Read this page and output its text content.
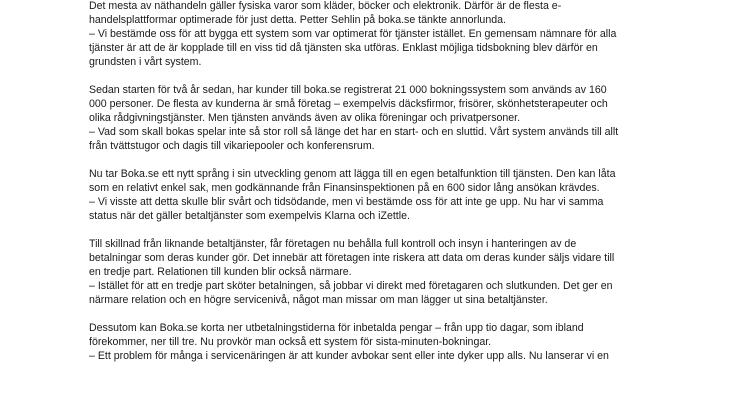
Det mesta av näthandeln gäller fysiska varor som kläder, böcker och elektronik. Därför är de flesta e-
handelsplattformar optimerade för just detta. Petter Sehlin på boka.se tänkte annorlunda.
– Vi bestämde oss för att bygga ett system som var optimerat för tjänster istället. En gemensam nämnare för alla
tjänster är att de är kopplade till en viss tid då tjänsten ska utföras. Enklast möjliga tidsbokning blev därför en
grundsten i vårt system.
Sedan starten för två år sedan, har kunder till boka.se registrerat 21 000 bokningssystem som används av 160
000 personer. De flesta av kunderna är små företag – exempelvis däcksfirmor, frisörer, skönhetsterapeuter och
olika rådgivningstjänster. Men tjänsten används även av olika föreningar och privatpersoner.
– Vad som skall bokas spelar inte så stor roll så länge det har en start- och en sluttid. Vårt system används till allt
från tvättstugor och dagis till vikariepooler och konferensrum.
Nu tar Boka.se ett nytt språng i sin utveckling genom att lägga till en egen betalfunktion till tjänsten. Den kan låta
som en relativt enkel sak, men godkännande från Finansinspektionen på en 600 sidor lång ansökan krävdes.
– Vi visste att detta skulle blir svårt och tidsödande, men vi bestämde oss för att inte ge upp. Nu har vi samma
status när det gäller betaltjänster som exempelvis Klarna och iZettle.
Till skillnad från liknande betaltjänster, får företagen nu behålla full kontroll och insyn i hanteringen av de
betalningar som deras kunder gör. Det innebär att företagen inte riskera att data om deras kunder säljs vidare till
en tredje part. Relationen till kunden blir också närmare.
– Istället för att en tredje part sköter betalningen, så jobbar vi direkt med företagaren och slutkunden. Det ger en
närmare relation och en högre servicenivå, något man missar om man lägger ut sina betaltjänster.
Dessutom kan Boka.se korta ner utbetalningstiderna för inbetalda pengar – från upp tio dagar, som ibland
förekommer, ner till tre. Nu provkör man också ett system för sista-minuten-bokningar.
– Ett problem för många i servicenäringen är att kunder avbokar sent eller inte dyker upp alls. Nu lanserar vi en
